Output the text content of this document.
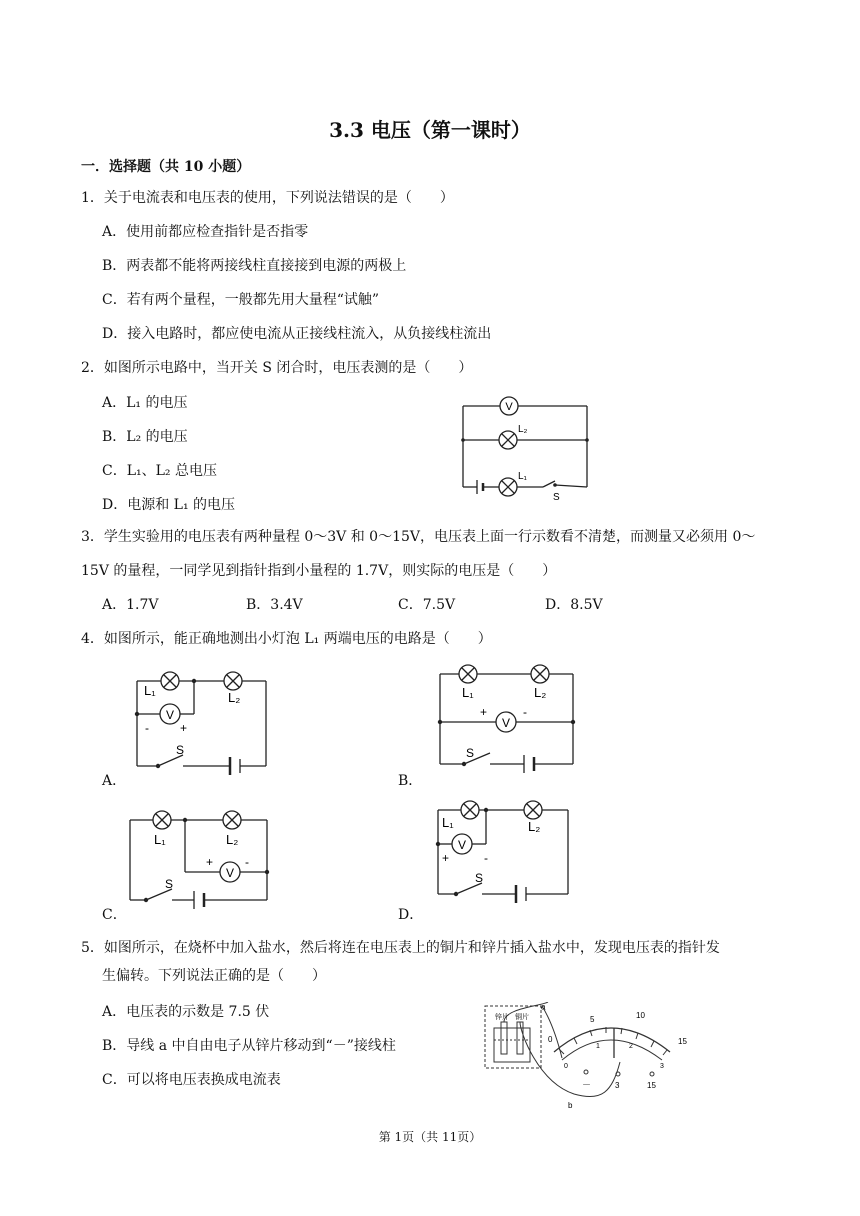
3.3 电压（第一课时）
一．选择题（共 10 小题）
1．关于电流表和电压表的使用，下列说法错误的是（　　）
A．使用前都应检查指针是否指零
B．两表都不能将两接线柱直接接到电源的两极上
C．若有两个量程，一般都先用大量程“试触”
D．接入电路时，都应使电流从正接线柱流入，从负接线柱流出
2．如图所示电路中，当开关 S 闭合时，电压表测的是（　　）
A．L₁ 的电压
B．L₂ 的电压
C．L₁、L₂ 总电压
D．电源和 L₁ 的电压
V
L₂
L₁
S
3．学生实验用的电压表有两种量程 0～3V 和 0～15V，电压表上面一行示数看不清楚，而测量又必须用 0～
15V 的量程，一同学见到指针指到小量程的 1.7V，则实际的电压是（　　）
A．1.7V	B．3.4V	C．7.5V	D．8.5V
4．如图所示，能正确地测出小灯泡 L₁ 两端电压的电路是（　　）
A．
L₁	L₂
V
-	+
S
B．
L₁	L₂
+	-
V
S
C．
L₁	L₂
+	-
V
S
D．
L₁	L₂
V
+	-
S
5．如图所示，在烧杯中加入盐水，然后将连在电压表上的铜片和锌片插入盐水中，发现电压表的指针发
生偏转。下列说法正确的是（　　）
A．电压表的示数是 7.5 伏
B．导线 a 中自由电子从锌片移动到“－”接线柱
C．可以将电压表换成电流表
锌片 铜片
a
b
0
5	10
15
0
1	2
3
－	3	15
第 1页（共 11页）
